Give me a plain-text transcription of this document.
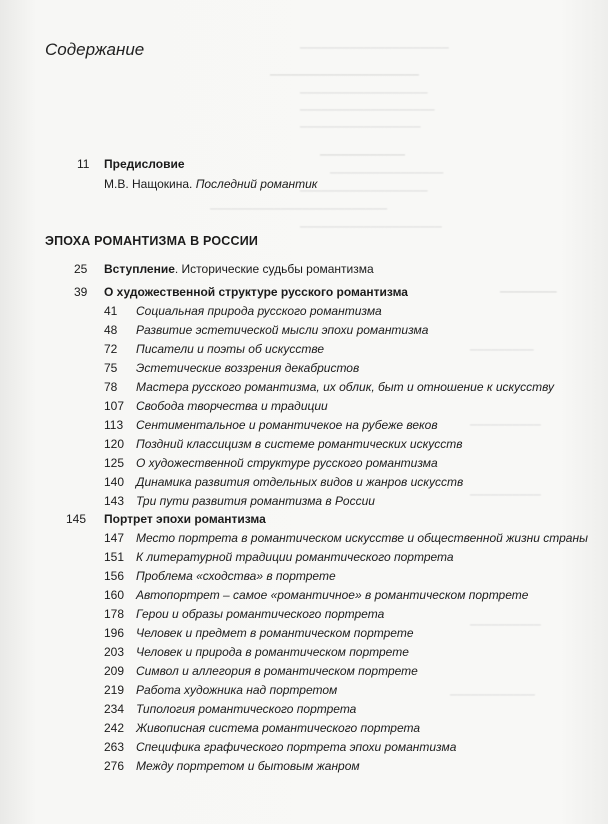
─────────────────────
─────────────────────
──────────────────
───────────────────
─────────────────
────────────
────────────────
──────────────────
─────────────────────────
────────────────────
────────
─────────
──────────
──────────
──────────
────────────
Содержание
11 Предисловие
М.В. Нащокина. Последний романтик
ЭПОХА РОМАНТИЗМА В РОССИИ
25 Вступление. Исторические судьбы романтизма
39 О художественной структуре русского романтизма
41 Социальная природа русского романтизма
48 Развитие эстетической мысли эпохи романтизма
72 Писатели и поэты об искусстве
75 Эстетические воззрения декабристов
78 Мастера русского романтизма, их облик, быт и отношение к искусству
107 Свобода творчества и традиции
113 Сентиментальное и романтичекое на рубеже веков
120 Поздний классицизм в системе романтических искусств
125 О художественной структуре русского романтизма
140 Динамика развития отдельных видов и жанров искусств
143 Три пути развития романтизма в России
145 Портрет эпохи романтизма
147 Место портрета в романтическом искусстве и общественной жизни страны
151 К литературной традиции романтического портрета
156 Проблема «сходства» в портрете
160 Автопортрет – самое «романтичное» в романтическом портрете
178 Герои и образы романтического портрета
196 Человек и предмет в романтическом портрете
203 Человек и природа в романтическом портрете
209 Символ и аллегория в романтическом портрете
219 Работа художника над портретом
234 Типология романтического портрета
242 Живописная система романтического портрета
263 Специфика графического портрета эпохи романтизма
276 Между портретом и бытовым жанром
